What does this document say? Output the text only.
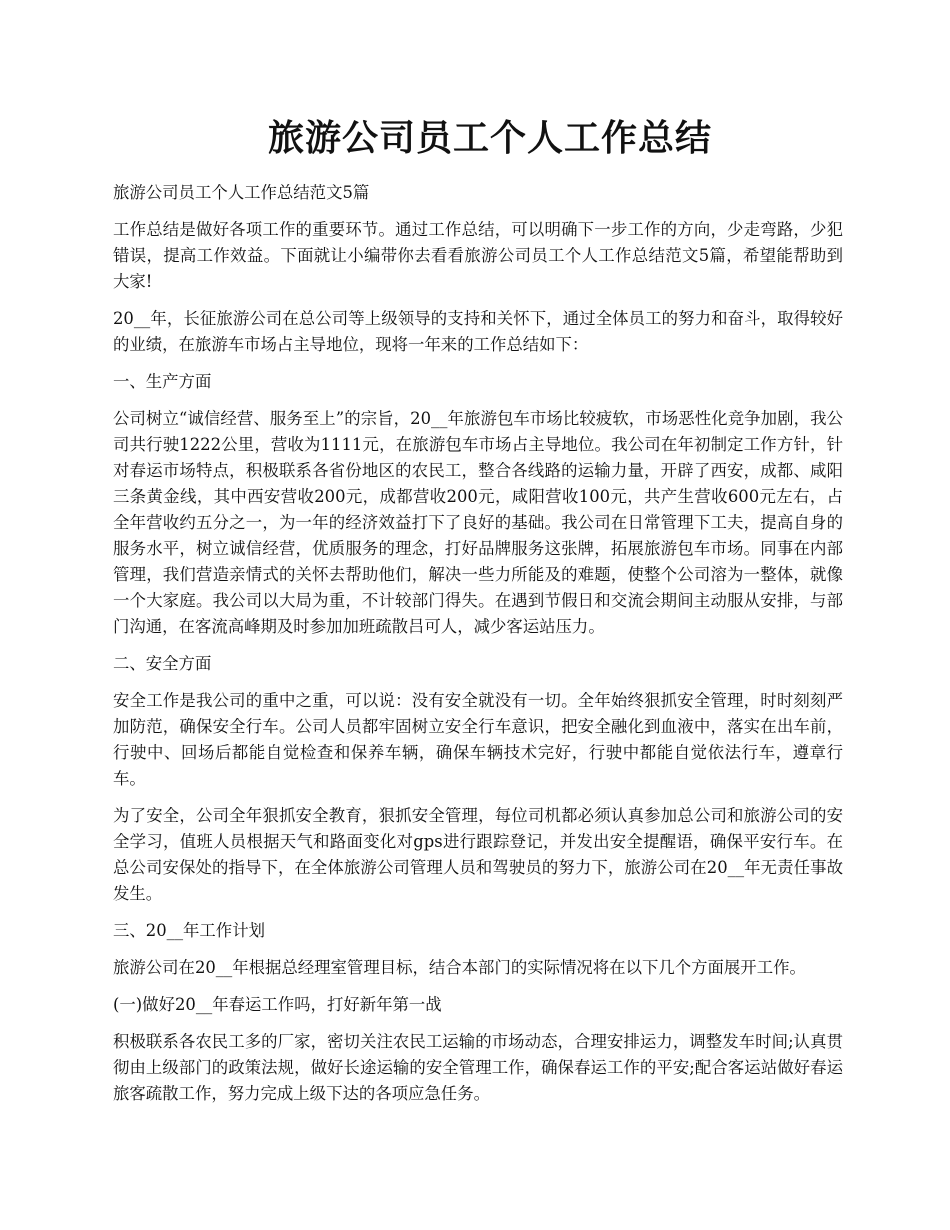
旅游公司员工个人工作总结

旅游公司员工个人工作总结范文5篇

工作总结是做好各项工作的重要环节。通过工作总结，可以明确下一步工作的方向，少走弯路，少犯错误，提高工作效益。下面就让小编带你去看看旅游公司员工个人工作总结范文5篇，希望能帮助到大家!

20__年，长征旅游公司在总公司等上级领导的支持和关怀下，通过全体员工的努力和奋斗，取得较好的业绩，在旅游车市场占主导地位，现将一年来的工作总结如下：

一、生产方面

公司树立“诚信经营、服务至上”的宗旨，20__年旅游包车市场比较疲软，市场恶性化竞争加剧，我公司共行驶1222公里，营收为1111元，在旅游包车市场占主导地位。我公司在年初制定工作方针，针对春运市场特点，积极联系各省份地区的农民工，整合各线路的运输力量，开辟了西安，成都、咸阳三条黄金线，其中西安营收200元，成都营收200元，咸阳营收100元，共产生营收600元左右，占全年营收约五分之一，为一年的经济效益打下了良好的基础。我公司在日常管理下工夫，提高自身的服务水平，树立诚信经营，优质服务的理念，打好品牌服务这张牌，拓展旅游包车市场。同事在内部管理，我们营造亲情式的关怀去帮助他们，解决一些力所能及的难题，使整个公司溶为一整体，就像一个大家庭。我公司以大局为重，不计较部门得失。在遇到节假日和交流会期间主动服从安排，与部门沟通，在客流高峰期及时参加加班疏散吕可人，减少客运站压力。

二、安全方面

安全工作是我公司的重中之重，可以说：没有安全就没有一切。全年始终狠抓安全管理，时时刻刻严加防范，确保安全行车。公司人员都牢固树立安全行车意识，把安全融化到血液中，落实在出车前，行驶中、回场后都能自觉检查和保养车辆，确保车辆技术完好，行驶中都能自觉依法行车，遵章行车。

为了安全，公司全年狠抓安全教育，狠抓安全管理，每位司机都必须认真参加总公司和旅游公司的安全学习，值班人员根据天气和路面变化对gps进行跟踪登记，并发出安全提醒语，确保平安行车。在总公司安保处的指导下，在全体旅游公司管理人员和驾驶员的努力下，旅游公司在20__年无责任事故发生。

三、20__年工作计划

旅游公司在20__年根据总经理室管理目标，结合本部门的实际情况将在以下几个方面展开工作。

(一)做好20__年春运工作吗，打好新年第一战

积极联系各农民工多的厂家，密切关注农民工运输的市场动态，合理安排运力，调整发车时间;认真贯彻由上级部门的政策法规，做好长途运输的安全管理工作，确保春运工作的平安;配合客运站做好春运旅客疏散工作，努力完成上级下达的各项应急任务。
